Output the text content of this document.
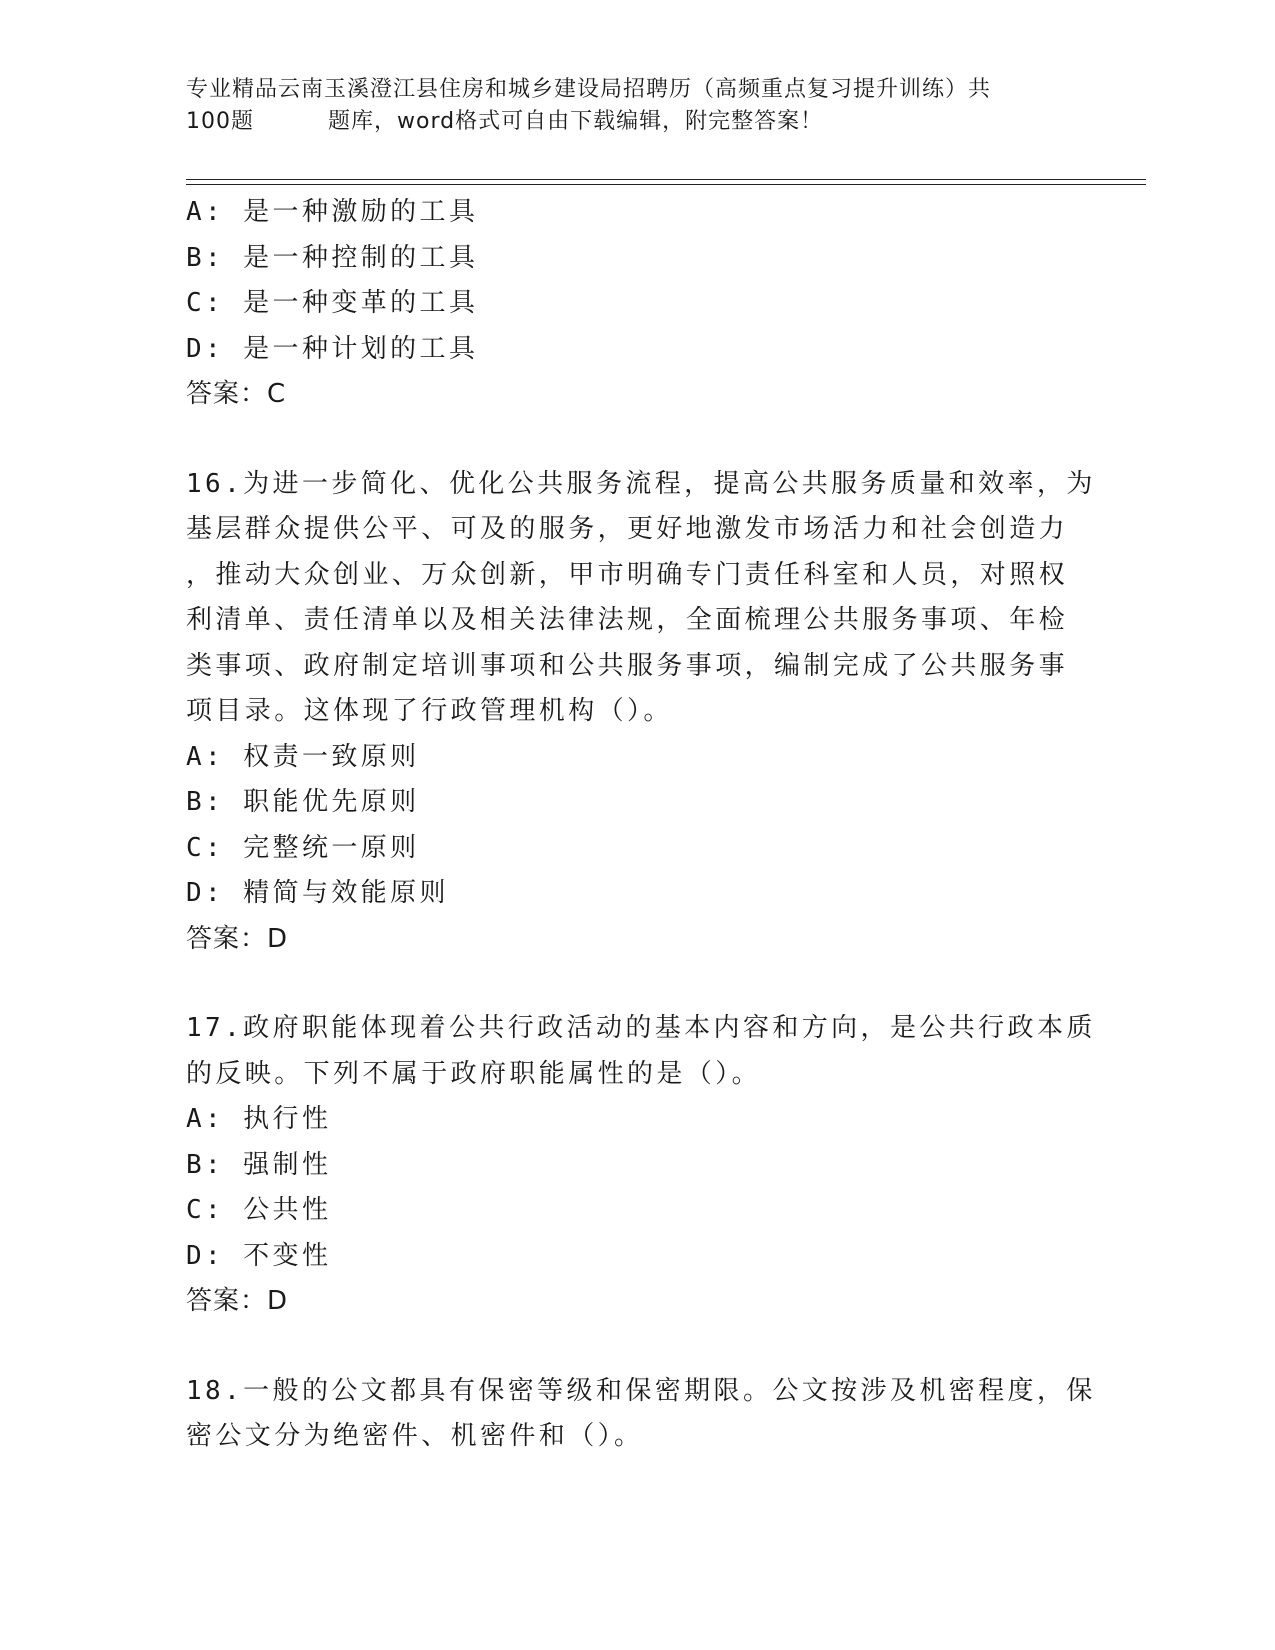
专业精品云南玉溪澄江县住房和城乡建设局招聘历（高频重点复习提升训练）共
100题	题库，word格式可自由下载编辑，附完整答案！
A: 是一种激励的工具
B: 是一种控制的工具
C: 是一种变革的工具
D: 是一种计划的工具
答案：C
16.为进一步简化、优化公共服务流程，提高公共服务质量和效率，为
基层群众提供公平、可及的服务，更好地激发市场活力和社会创造力
，推动大众创业、万众创新，甲市明确专门责任科室和人员，对照权
利清单、责任清单以及相关法律法规，全面梳理公共服务事项、年检
类事项、政府制定培训事项和公共服务事项，编制完成了公共服务事
项目录。这体现了行政管理机构（）。
A: 权责一致原则
B: 职能优先原则
C: 完整统一原则
D: 精简与效能原则
答案：D
17.政府职能体现着公共行政活动的基本内容和方向，是公共行政本质
的反映。下列不属于政府职能属性的是（）。
A: 执行性
B: 强制性
C: 公共性
D: 不变性
答案：D
18.一般的公文都具有保密等级和保密期限。公文按涉及机密程度，保
密公文分为绝密件、机密件和（）。
